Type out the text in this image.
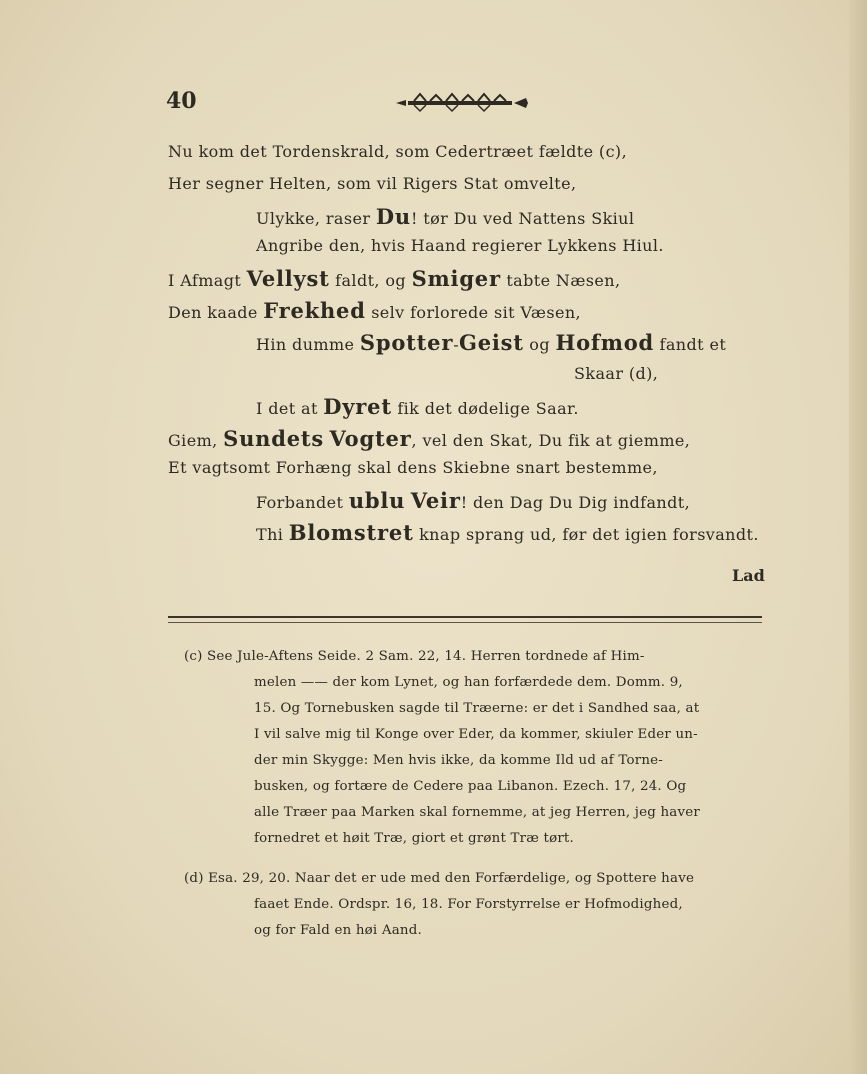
40
Nu kom det Tordenskrald, som Cedertræet fældte (c),
Her segner Helten, som vil Rigers Stat omvelte,
Ulykke, raser Du! tør Du ved Nattens Skiul
Angribe den, hvis Haand regierer Lykkens Hiul.
I Afmagt Vellyst faldt, og Smiger tabte Næsen,
Den kaade Frekhed selv forlorede sit Væsen,
Hin dumme Spotter-Geist og Hofmod fandt et
Skaar (d),
I det at Dyret fik det dødelige Saar.
Giem, Sundets Vogter, vel den Skat, Du fik at giemme,
Et vagtsomt Forhæng skal dens Skiebne snart bestemme,
Forbandet ublu Veir! den Dag Du Dig indfandt,
Thi Blomstret knap sprang ud, før det igien forsvandt.
Lad
(c) See Jule-Aftens Seide. 2 Sam. 22, 14. Herren tordnede af Him-
melen —— der kom Lynet, og han forfærdede dem. Domm. 9,
15. Og Tornebusken sagde til Træerne: er det i Sandhed saa, at
I vil salve mig til Konge over Eder, da kommer, skiuler Eder un-
der min Skygge: Men hvis ikke, da komme Ild ud af Torne-
busken, og fortære de Cedere paa Libanon. Ezech. 17, 24. Og
alle Træer paa Marken skal fornemme, at jeg Herren, jeg haver
fornedret et høit Træ, giort et grønt Træ tørt.
(d) Esa. 29, 20. Naar det er ude med den Forfærdelige, og Spottere have
faaet Ende. Ordspr. 16, 18. For Forstyrrelse er Hofmodighed,
og for Fald en høi Aand.
